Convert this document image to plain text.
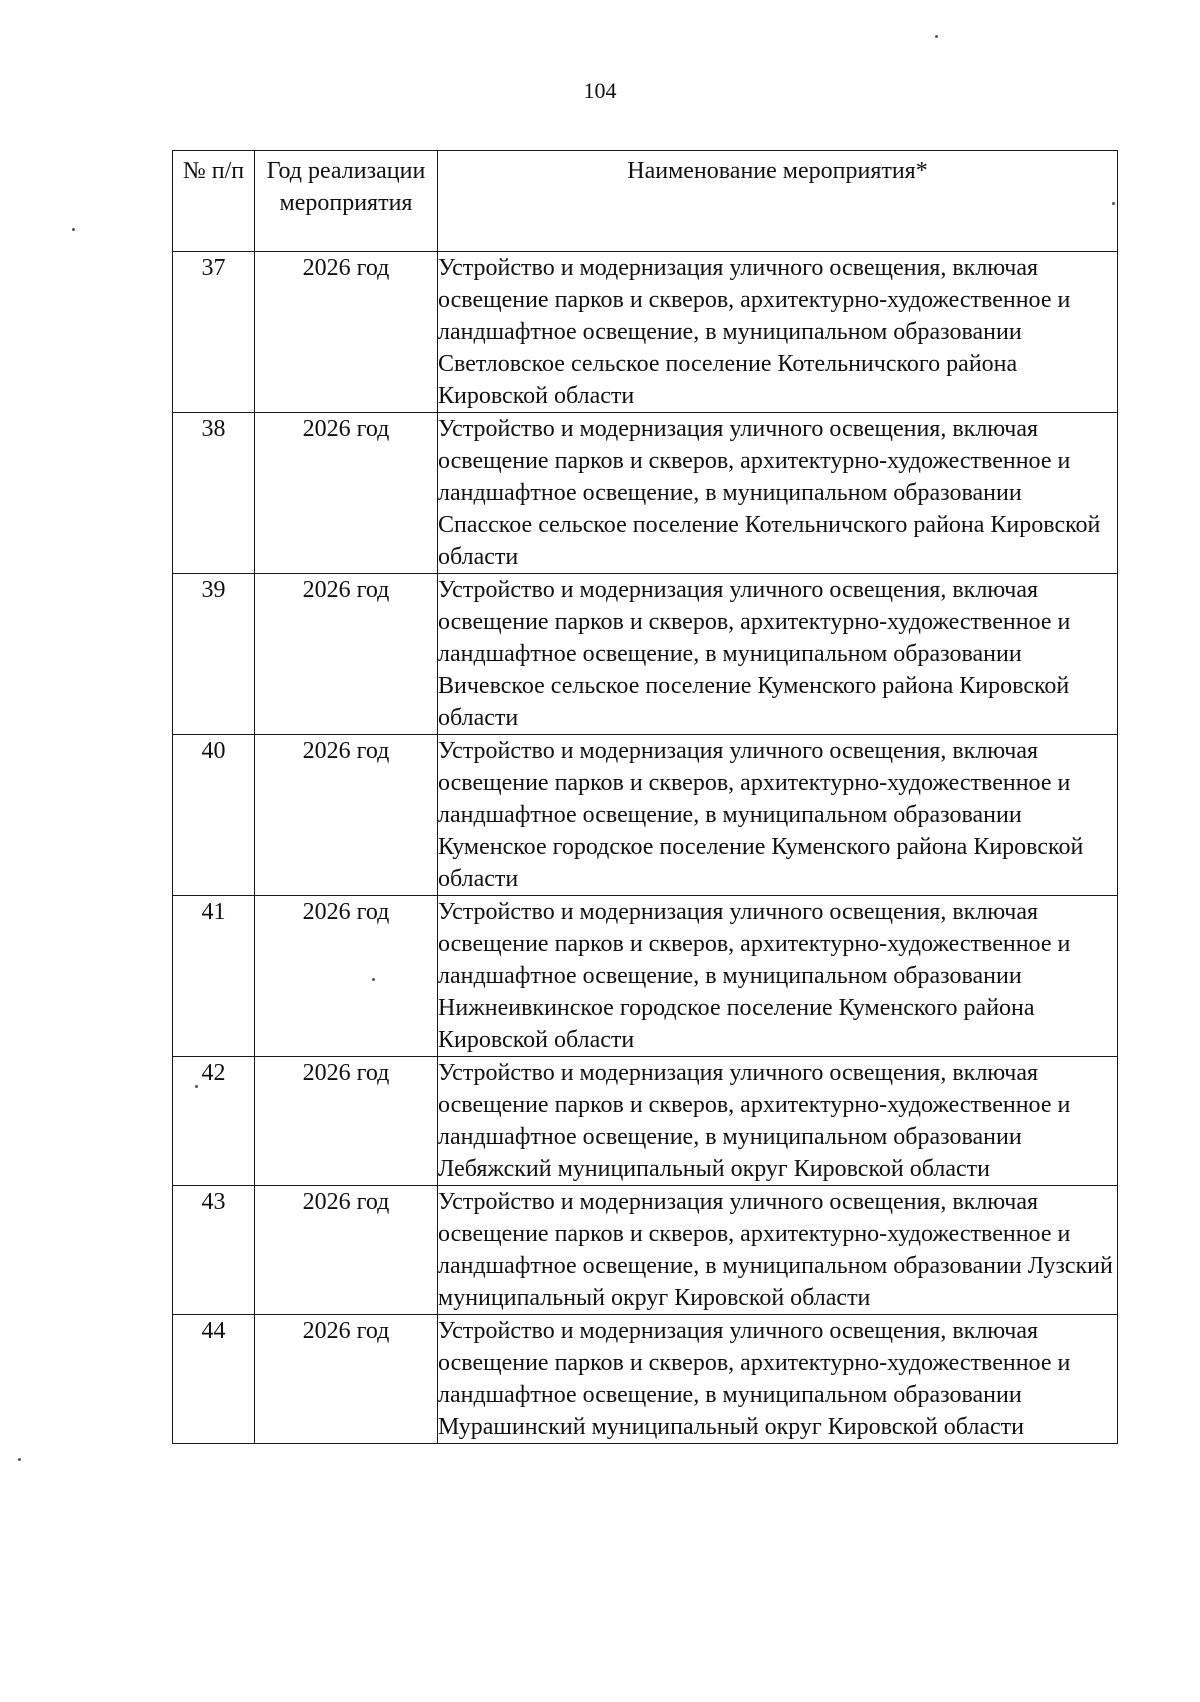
104
№ п/п	Год реализации мероприятия	Наименование мероприятия*
37	2026 год	Устройство и модернизация уличного освещения, включая освещение парков и скверов, архитектурно-художественное и ландшафтное освещение, в муниципальном образовании Светловское сельское поселение Котельничского района Кировской области
38	2026 год	Устройство и модернизация уличного освещения, включая освещение парков и скверов, архитектурно-художественное и ландшафтное освещение, в муниципальном образовании Спасское сельское поселение Котельничского района Кировской области
39	2026 год	Устройство и модернизация уличного освещения, включая освещение парков и скверов, архитектурно-художественное и ландшафтное освещение, в муниципальном образовании Вичевское сельское поселение Куменского района Кировской области
40	2026 год	Устройство и модернизация уличного освещения, включая освещение парков и скверов, архитектурно-художественное и ландшафтное освещение, в муниципальном образовании Куменское городское поселение Куменского района Кировской области
41	2026 год	Устройство и модернизация уличного освещения, включая освещение парков и скверов, архитектурно-художественное и ландшафтное освещение, в муниципальном образовании Нижнеивкинское городское поселение Куменского района Кировской области
42	2026 год	Устройство и модернизация уличного освещения, включая освещение парков и скверов, архитектурно-художественное и ландшафтное освещение, в муниципальном образовании Лебяжский муниципальный округ Кировской области
43	2026 год	Устройство и модернизация уличного освещения, включая освещение парков и скверов, архитектурно-художественное и ландшафтное освещение, в муниципальном образовании Лузский муниципальный округ Кировской области
44	2026 год	Устройство и модернизация уличного освещения, включая освещение парков и скверов, архитектурно-художественное и ландшафтное освещение, в муниципальном образовании Мурашинский муниципальный округ Кировской области
